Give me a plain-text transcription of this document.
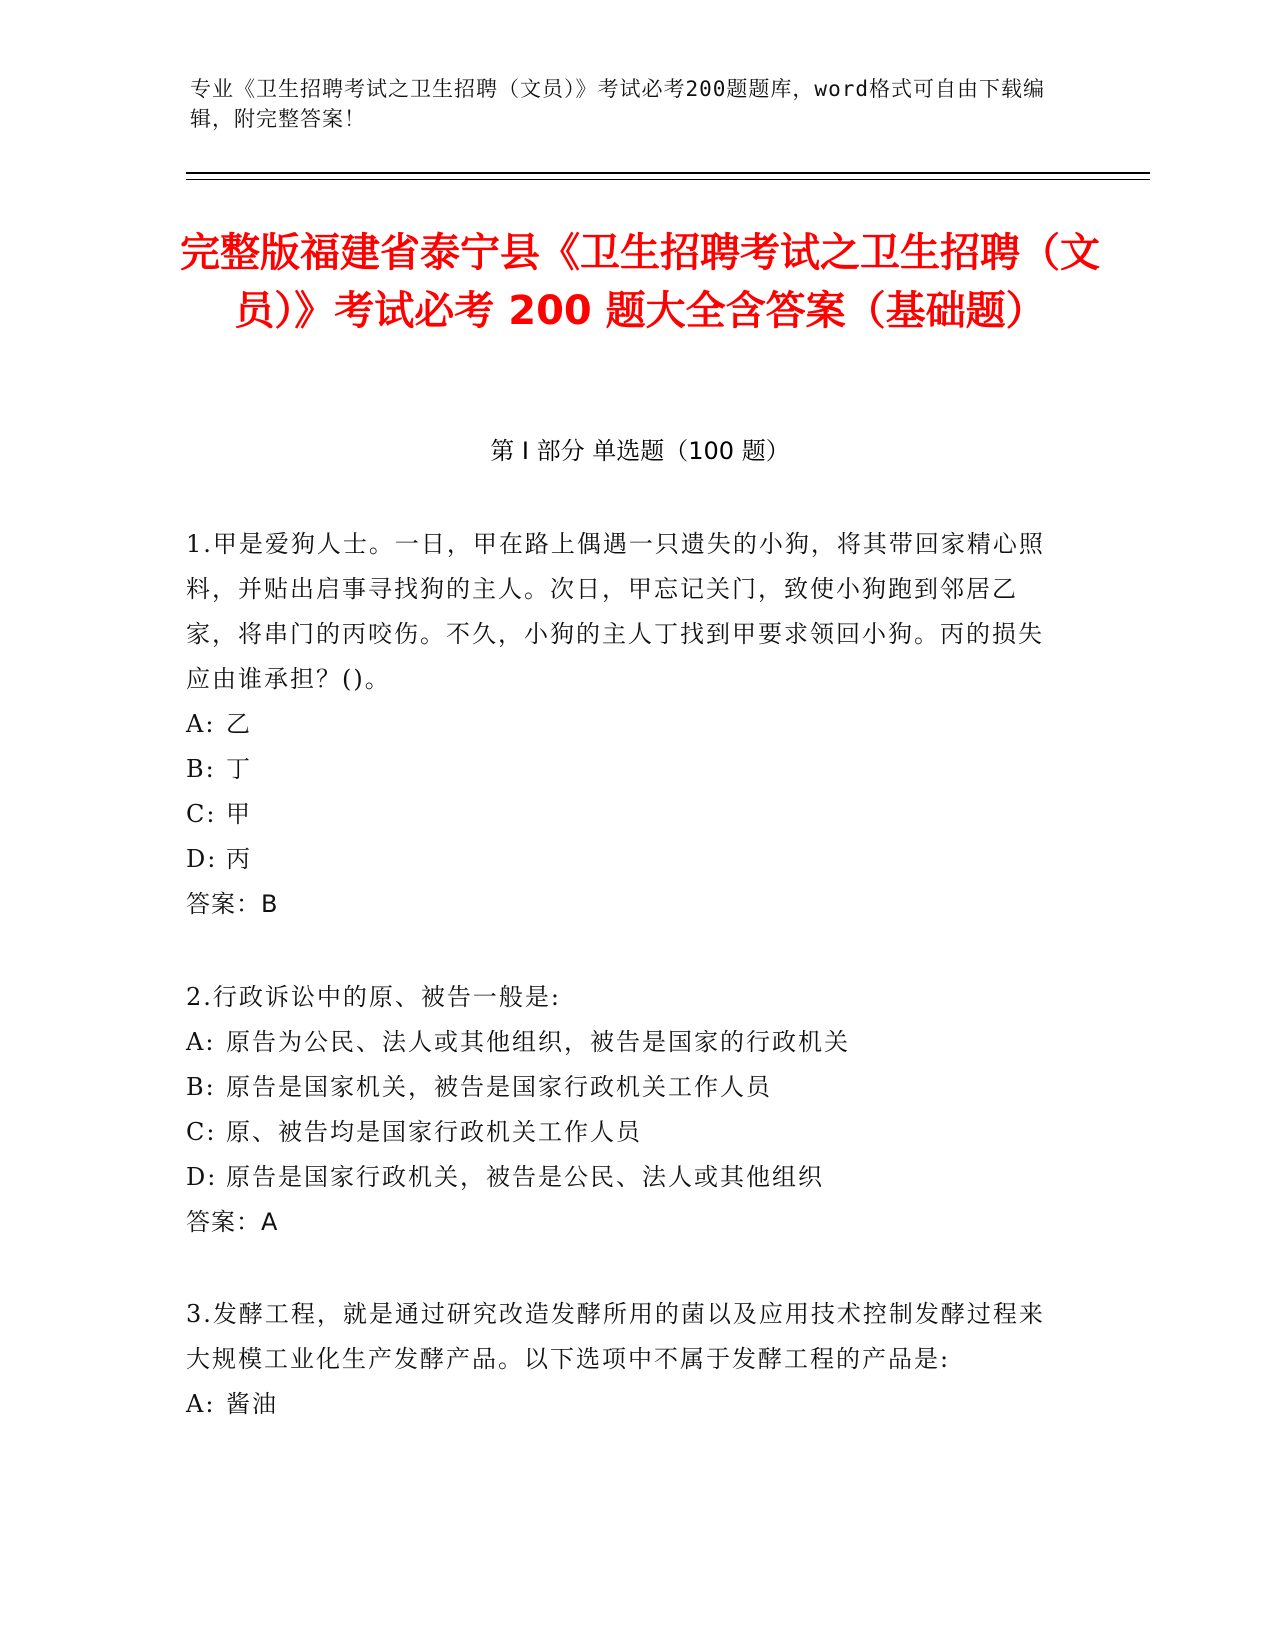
专业《卫生招聘考试之卫生招聘（文员）》考试必考200题题库，word格式可自由下载编辑，附完整答案！
完整版福建省泰宁县《卫生招聘考试之卫生招聘（文员）》考试必考 200 题大全含答案（基础题）
第 I 部分 单选题（100 题）
1.甲是爱狗人士。一日，甲在路上偶遇一只遗失的小狗，将其带回家精心照料，并贴出启事寻找狗的主人。次日，甲忘记关门，致使小狗跑到邻居乙家，将串门的丙咬伤。不久，小狗的主人丁找到甲要求领回小狗。丙的损失应由谁承担？()。
A: 乙
B: 丁
C: 甲
D: 丙
答案：B
2.行政诉讼中的原、被告一般是:
A: 原告为公民、法人或其他组织，被告是国家的行政机关
B: 原告是国家机关，被告是国家行政机关工作人员
C: 原、被告均是国家行政机关工作人员
D: 原告是国家行政机关，被告是公民、法人或其他组织
答案：A
3.发酵工程，就是通过研究改造发酵所用的菌以及应用技术控制发酵过程来大规模工业化生产发酵产品。以下选项中不属于发酵工程的产品是:
A: 酱油
